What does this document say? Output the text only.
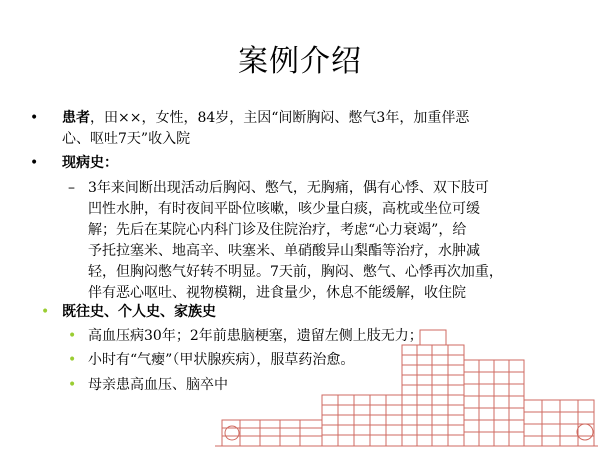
案例介绍
• 患者，田××，女性，84岁，主因“间断胸闷、憋气3年，加重伴恶
心、呕吐7天”收入院
• 现病史：
– 3年来间断出现活动后胸闷、憋气，无胸痛，偶有心悸、双下肢可
凹性水肿，有时夜间平卧位咳嗽，咳少量白痰，高枕或坐位可缓
解；先后在某院心内科门诊及住院治疗，考虑“心力衰竭”，给
予托拉塞米、地高辛、呋塞米、单硝酸异山梨酯等治疗，水肿减
轻，但胸闷憋气好转不明显。7天前，胸闷、憋气、心悸再次加重，
伴有恶心呕吐、视物模糊，进食量少，休息不能缓解，收住院
• 既往史、个人史、家族史
• 高血压病30年；2年前患脑梗塞，遗留左侧上肢无力；
• 小时有“气瘿”（甲状腺疾病），服草药治愈。
• 母亲患高血压、脑卒中
